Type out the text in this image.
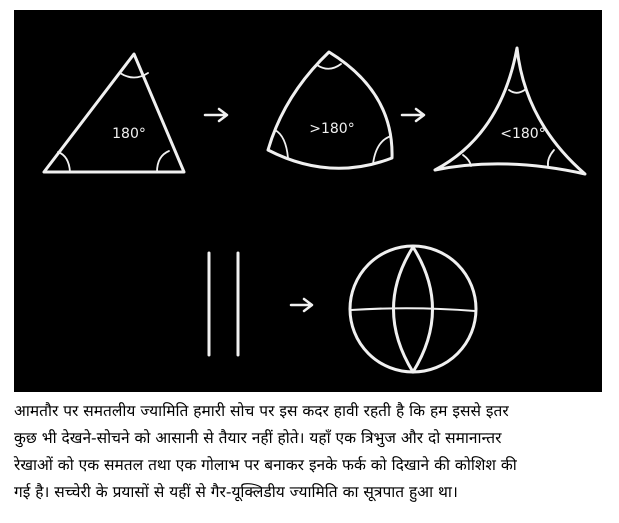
180°	>180°	<180°

आमतौर पर समतलीय ज्यामिति हमारी सोच पर इस कदर हावी रहती है कि हम इससे इतर
कुछ भी देखने-सोचने को आसानी से तैयार नहीं होते। यहाँ एक त्रिभुज और दो समानान्तर
रेखाओं को एक समतल तथा एक गोलाभ पर बनाकर इनके फर्क को दिखाने की कोशिश की
गई है। सच्चेरी के प्रयासों से यहीं से गैर-यूक्लिडीय ज्यामिति का सूत्रपात हुआ था।
